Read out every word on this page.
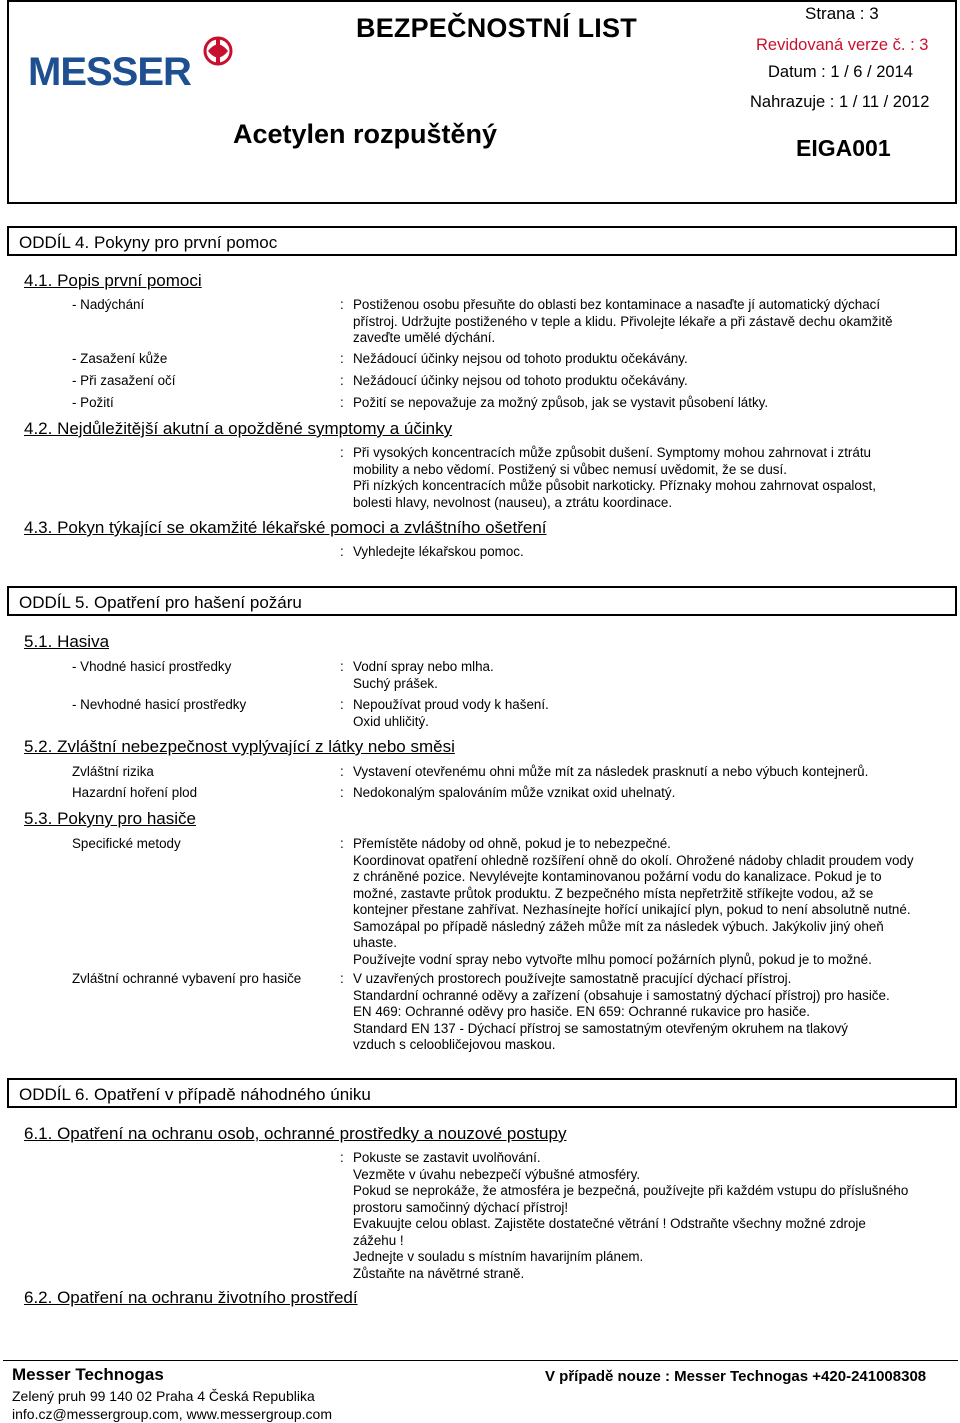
MESSER
BEZPEČNOSTNÍ LIST
Acetylen rozpuštěný
Strana : 3
Revidovaná verze č. : 3
Datum : 1 / 6 / 2014
Nahrazuje : 1 / 11 / 2012
EIGA001
ODDÍL 4. Pokyny pro první pomoc
4.1. Popis první pomoci
- Nadýchání	: Postiženou osobu přesuňte do oblasti bez kontaminace a nasaďte jí automatický dýchací
přístroj. Udržujte postiženého v teple a klidu. Přivolejte lékaře a při zástavě dechu okamžitě
zaveďte umělé dýchání.
- Zasažení kůže	: Nežádoucí účinky nejsou od tohoto produktu očekávány.
- Při zasažení očí	: Nežádoucí účinky nejsou od tohoto produktu očekávány.
- Požití	: Požití se nepovažuje za možný způsob, jak se vystavit působení látky.
4.2. Nejdůležitější akutní a opožděné symptomy a účinky
: Při vysokých koncentracích může způsobit dušení. Symptomy mohou zahrnovat i ztrátu
mobility a nebo vědomí. Postižený si vůbec nemusí uvědomit, že se dusí.
Při nízkých koncentracích může působit narkoticky. Příznaky mohou zahrnovat ospalost,
bolesti hlavy, nevolnost (nauseu), a ztrátu koordinace.
4.3. Pokyn týkající se okamžité lékařské pomoci a zvláštního ošetření
: Vyhledejte lékařskou pomoc.
ODDÍL 5. Opatření pro hašení požáru
5.1. Hasiva
- Vhodné hasicí prostředky	: Vodní spray nebo mlha.
Suchý prášek.
- Nevhodné hasicí prostředky	: Nepoužívat proud vody k hašení.
Oxid uhličitý.
5.2. Zvláštní nebezpečnost vyplývající z látky nebo směsi
Zvláštní rizika	: Vystavení otevřenému ohni může mít za následek prasknutí a nebo výbuch kontejnerů.
Hazardní hoření plod	: Nedokonalým spalováním může vznikat oxid uhelnatý.
5.3. Pokyny pro hasiče
Specifické metody	: Přemístěte nádoby od ohně, pokud je to nebezpečné.
Koordinovat opatření ohledně rozšíření ohně do okolí. Ohrožené nádoby chladit proudem vody
z chráněné pozice. Nevylévejte kontaminovanou požární vodu do kanalizace. Pokud je to
možné, zastavte průtok produktu. Z bezpečného místa nepřetržitě stříkejte vodou, až se
kontejner přestane zahřívat. Nezhasínejte hořící unikající plyn, pokud to není absolutně nutné.
Samozápal po případě následný zážeh může mít za následek výbuch. Jakýkoliv jiný oheň
uhaste.
Používejte vodní spray nebo vytvořte mlhu pomocí požárních plynů, pokud je to možné.
Zvláštní ochranné vybavení pro hasiče	: V uzavřených prostorech používejte samostatně pracující dýchací přístroj.
Standardní ochranné oděvy a zařízení (obsahuje i samostatný dýchací přístroj) pro hasiče.
EN 469: Ochranné oděvy pro hasiče. EN 659: Ochranné rukavice pro hasiče.
Standard EN 137 - Dýchací přístroj se samostatným otevřeným okruhem na tlakový
vzduch s celoobličejovou maskou.
ODDÍL 6. Opatření v případě náhodného úniku
6.1. Opatření na ochranu osob, ochranné prostředky a nouzové postupy
: Pokuste se zastavit uvolňování.
Vezměte v úvahu nebezpečí výbušné atmosféry.
Pokud se neprokáže, že atmosféra je bezpečná, používejte při každém vstupu do příslušného
prostoru samočinný dýchací přístroj!
Evakuujte celou oblast. Zajistěte dostatečné větrání ! Odstraňte všechny možné zdroje
zážehu !
Jednejte v souladu s místním havarijním plánem.
Zůstaňte na návětrné straně.
6.2. Opatření na ochranu životního prostředí
Messer Technogas
Zelený pruh 99 140 02 Praha 4 Česká Republika
info.cz@messergroup.com, www.messergroup.com
V případě nouze : Messer Technogas +420-241008308
